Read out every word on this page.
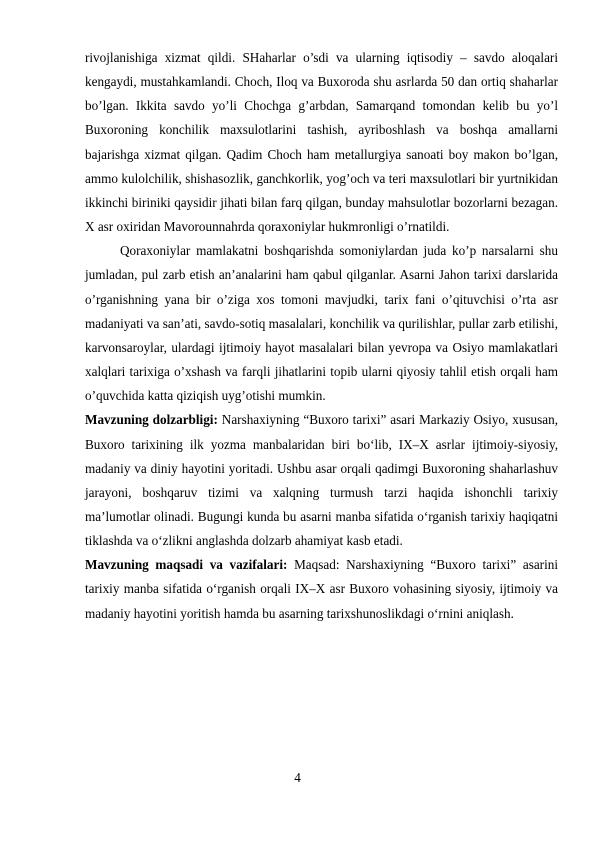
rivojlanishiga xizmat qildi. SHaharlar o’sdi va ularning iqtisodiy – savdo aloqalari kengaydi, mustahkamlandi. Choch, Iloq va Buxoroda shu asrlarda 50 dan ortiq shaharlar bo’lgan. Ikkita savdo yo’li Chochga g’arbdan, Samarqand tomondan kelib bu yo’l Buxoroning konchilik maxsulotlarini tashish, ayriboshlash va boshqa amallarni bajarishga xizmat qilgan. Qadim Choch ham metallurgiya sanoati boy makon bo’lgan, ammo kulolchilik, shishasozlik, ganchkorlik, yog’och va teri maxsulotlari bir yurtnikidan ikkinchi biriniki qaysidir jihati bilan farq qilgan, bunday mahsulotlar bozorlarni bezagan. X asr oxiridan Mavorounnahrda qoraxoniylar hukmronligi o’rnatildi.

Qoraxoniylar mamlakatni boshqarishda somoniylardan juda ko’p narsalarni shu jumladan, pul zarb etish an’analarini ham qabul qilganlar. Asarni Jahon tarixi darslarida o’rganishning yana bir o’ziga xos tomoni mavjudki, tarix fani o’qituvchisi o’rta asr madaniyati va san’ati, savdo-sotiq masalalari, konchilik va qurilishlar, pullar zarb etilishi, karvonsaroylar, ulardagi ijtimoiy hayot masalalari bilan yevropa va Osiyo mamlakatlari xalqlari tarixiga o’xshash va farqli jihatlarini topib ularni qiyosiy tahlil etish orqali ham o’quvchida katta qiziqish uyg’otishi mumkin.

Mavzuning dolzarbligi: Narshaxiyning “Buxoro tarixi” asari Markaziy Osiyo, xususan, Buxoro tarixining ilk yozma manbalaridan biri bo‘lib, IX–X asrlar ijtimoiy-siyosiy, madaniy va diniy hayotini yoritadi. Ushbu asar orqali qadimgi Buxoroning shaharlashuv jarayoni, boshqaruv tizimi va xalqning turmush tarzi haqida ishonchli tarixiy ma’lumotlar olinadi. Bugungi kunda bu asarni manba sifatida o‘rganish tarixiy haqiqatni tiklashda va o‘zlikni anglashda dolzarb ahamiyat kasb etadi.

Mavzuning maqsadi va vazifalari: Maqsad: Narshaxiyning “Buxoro tarixi” asarini tarixiy manba sifatida o‘rganish orqali IX–X asr Buxoro vohasining siyosiy, ijtimoiy va madaniy hayotini yoritish hamda bu asarning tarixshunoslikdagi o‘rnini aniqlash.

4
